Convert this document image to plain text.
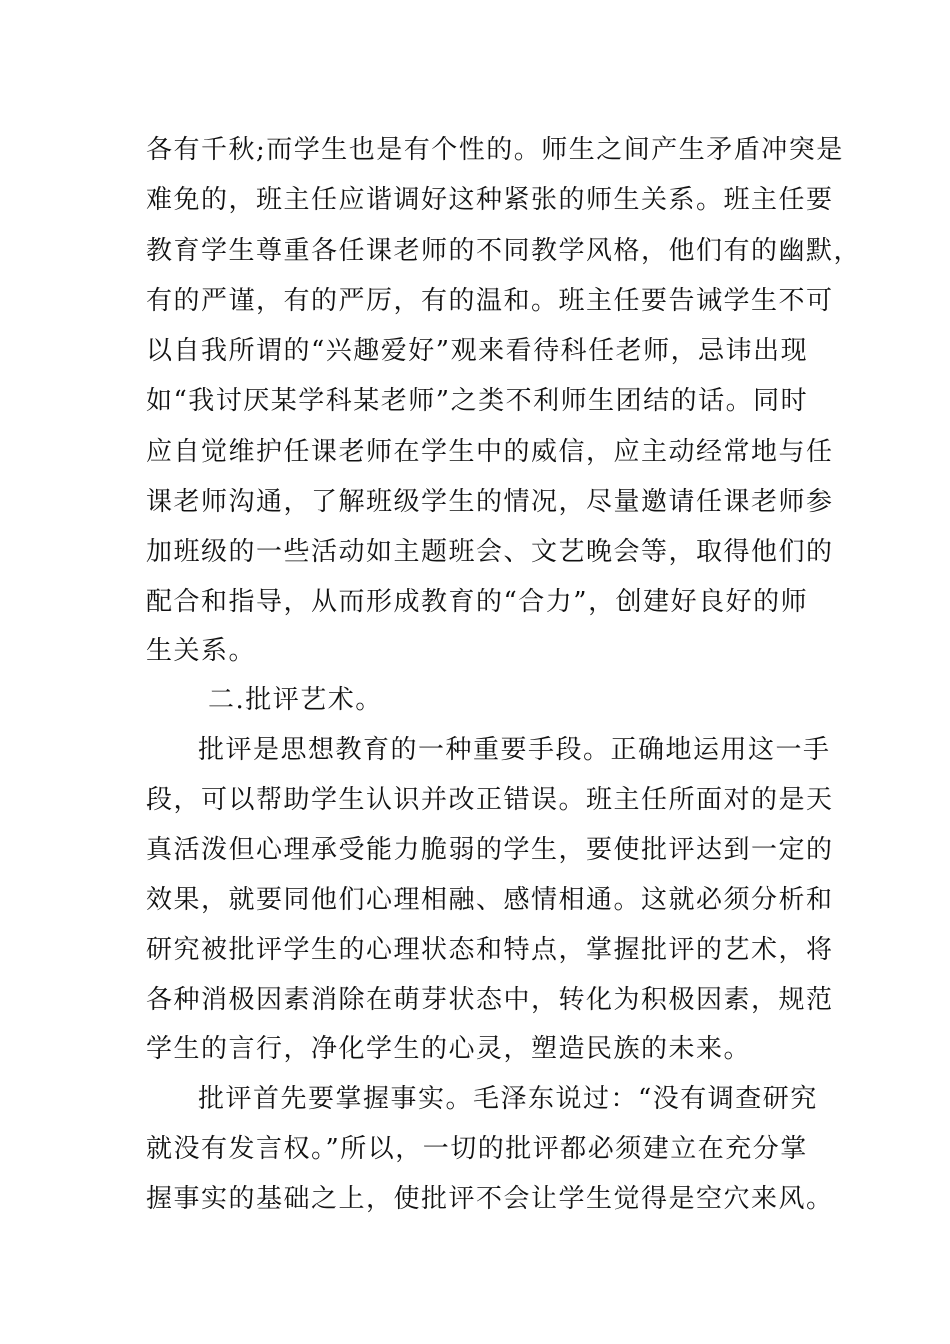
各有千秋;而学生也是有个性的。师生之间产生矛盾冲突是
难免的，班主任应谐调好这种紧张的师生关系。班主任要
教育学生尊重各任课老师的不同教学风格，他们有的幽默，
有的严谨，有的严厉，有的温和。班主任要告诫学生不可
以自我所谓的“兴趣爱好”观来看待科任老师，忌讳出现
如“我讨厌某学科某老师”之类不利师生团结的话。同时
应自觉维护任课老师在学生中的威信，应主动经常地与任
课老师沟通，了解班级学生的情况，尽量邀请任课老师参
加班级的一些活动如主题班会、文艺晚会等，取得他们的
配合和指导，从而形成教育的“合力”，创建好良好的师
生关系。
二.批评艺术。
批评是思想教育的一种重要手段。正确地运用这一手
段，可以帮助学生认识并改正错误。班主任所面对的是天
真活泼但心理承受能力脆弱的学生，要使批评达到一定的
效果，就要同他们心理相融、感情相通。这就必须分析和
研究被批评学生的心理状态和特点，掌握批评的艺术，将
各种消极因素消除在萌芽状态中，转化为积极因素，规范
学生的言行，净化学生的心灵，塑造民族的未来。
批评首先要掌握事实。毛泽东说过：“没有调查研究
就没有发言权。”所以，一切的批评都必须建立在充分掌
握事实的基础之上，使批评不会让学生觉得是空穴来风。
